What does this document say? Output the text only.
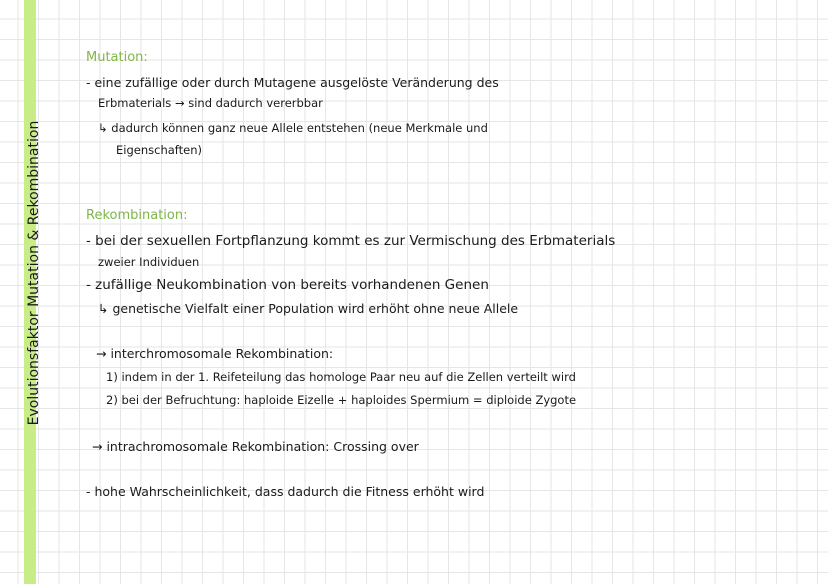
Evolutionsfaktor Mutation & Rekombination
Mutation:
- eine zufällige oder durch Mutagene ausgelöste Veränderung des
Erbmaterials → sind dadurch vererbbar
↳ dadurch können ganz neue Allele entstehen (neue Merkmale und
Eigenschaften)
Rekombination:
- bei der sexuellen Fortpflanzung kommt es zur Vermischung des Erbmaterials
zweier Individuen
- zufällige Neukombination von bereits vorhandenen Genen
↳ genetische Vielfalt einer Population wird erhöht ohne neue Allele
→ interchromosomale Rekombination:
1) indem in der 1. Reifeteilung das homologe Paar neu auf die Zellen verteilt wird
2) bei der Befruchtung: haploide Eizelle + haploides Spermium = diploide Zygote
→ intrachromosomale Rekombination: Crossing over
- hohe Wahrscheinlichkeit, dass dadurch die Fitness erhöht wird
